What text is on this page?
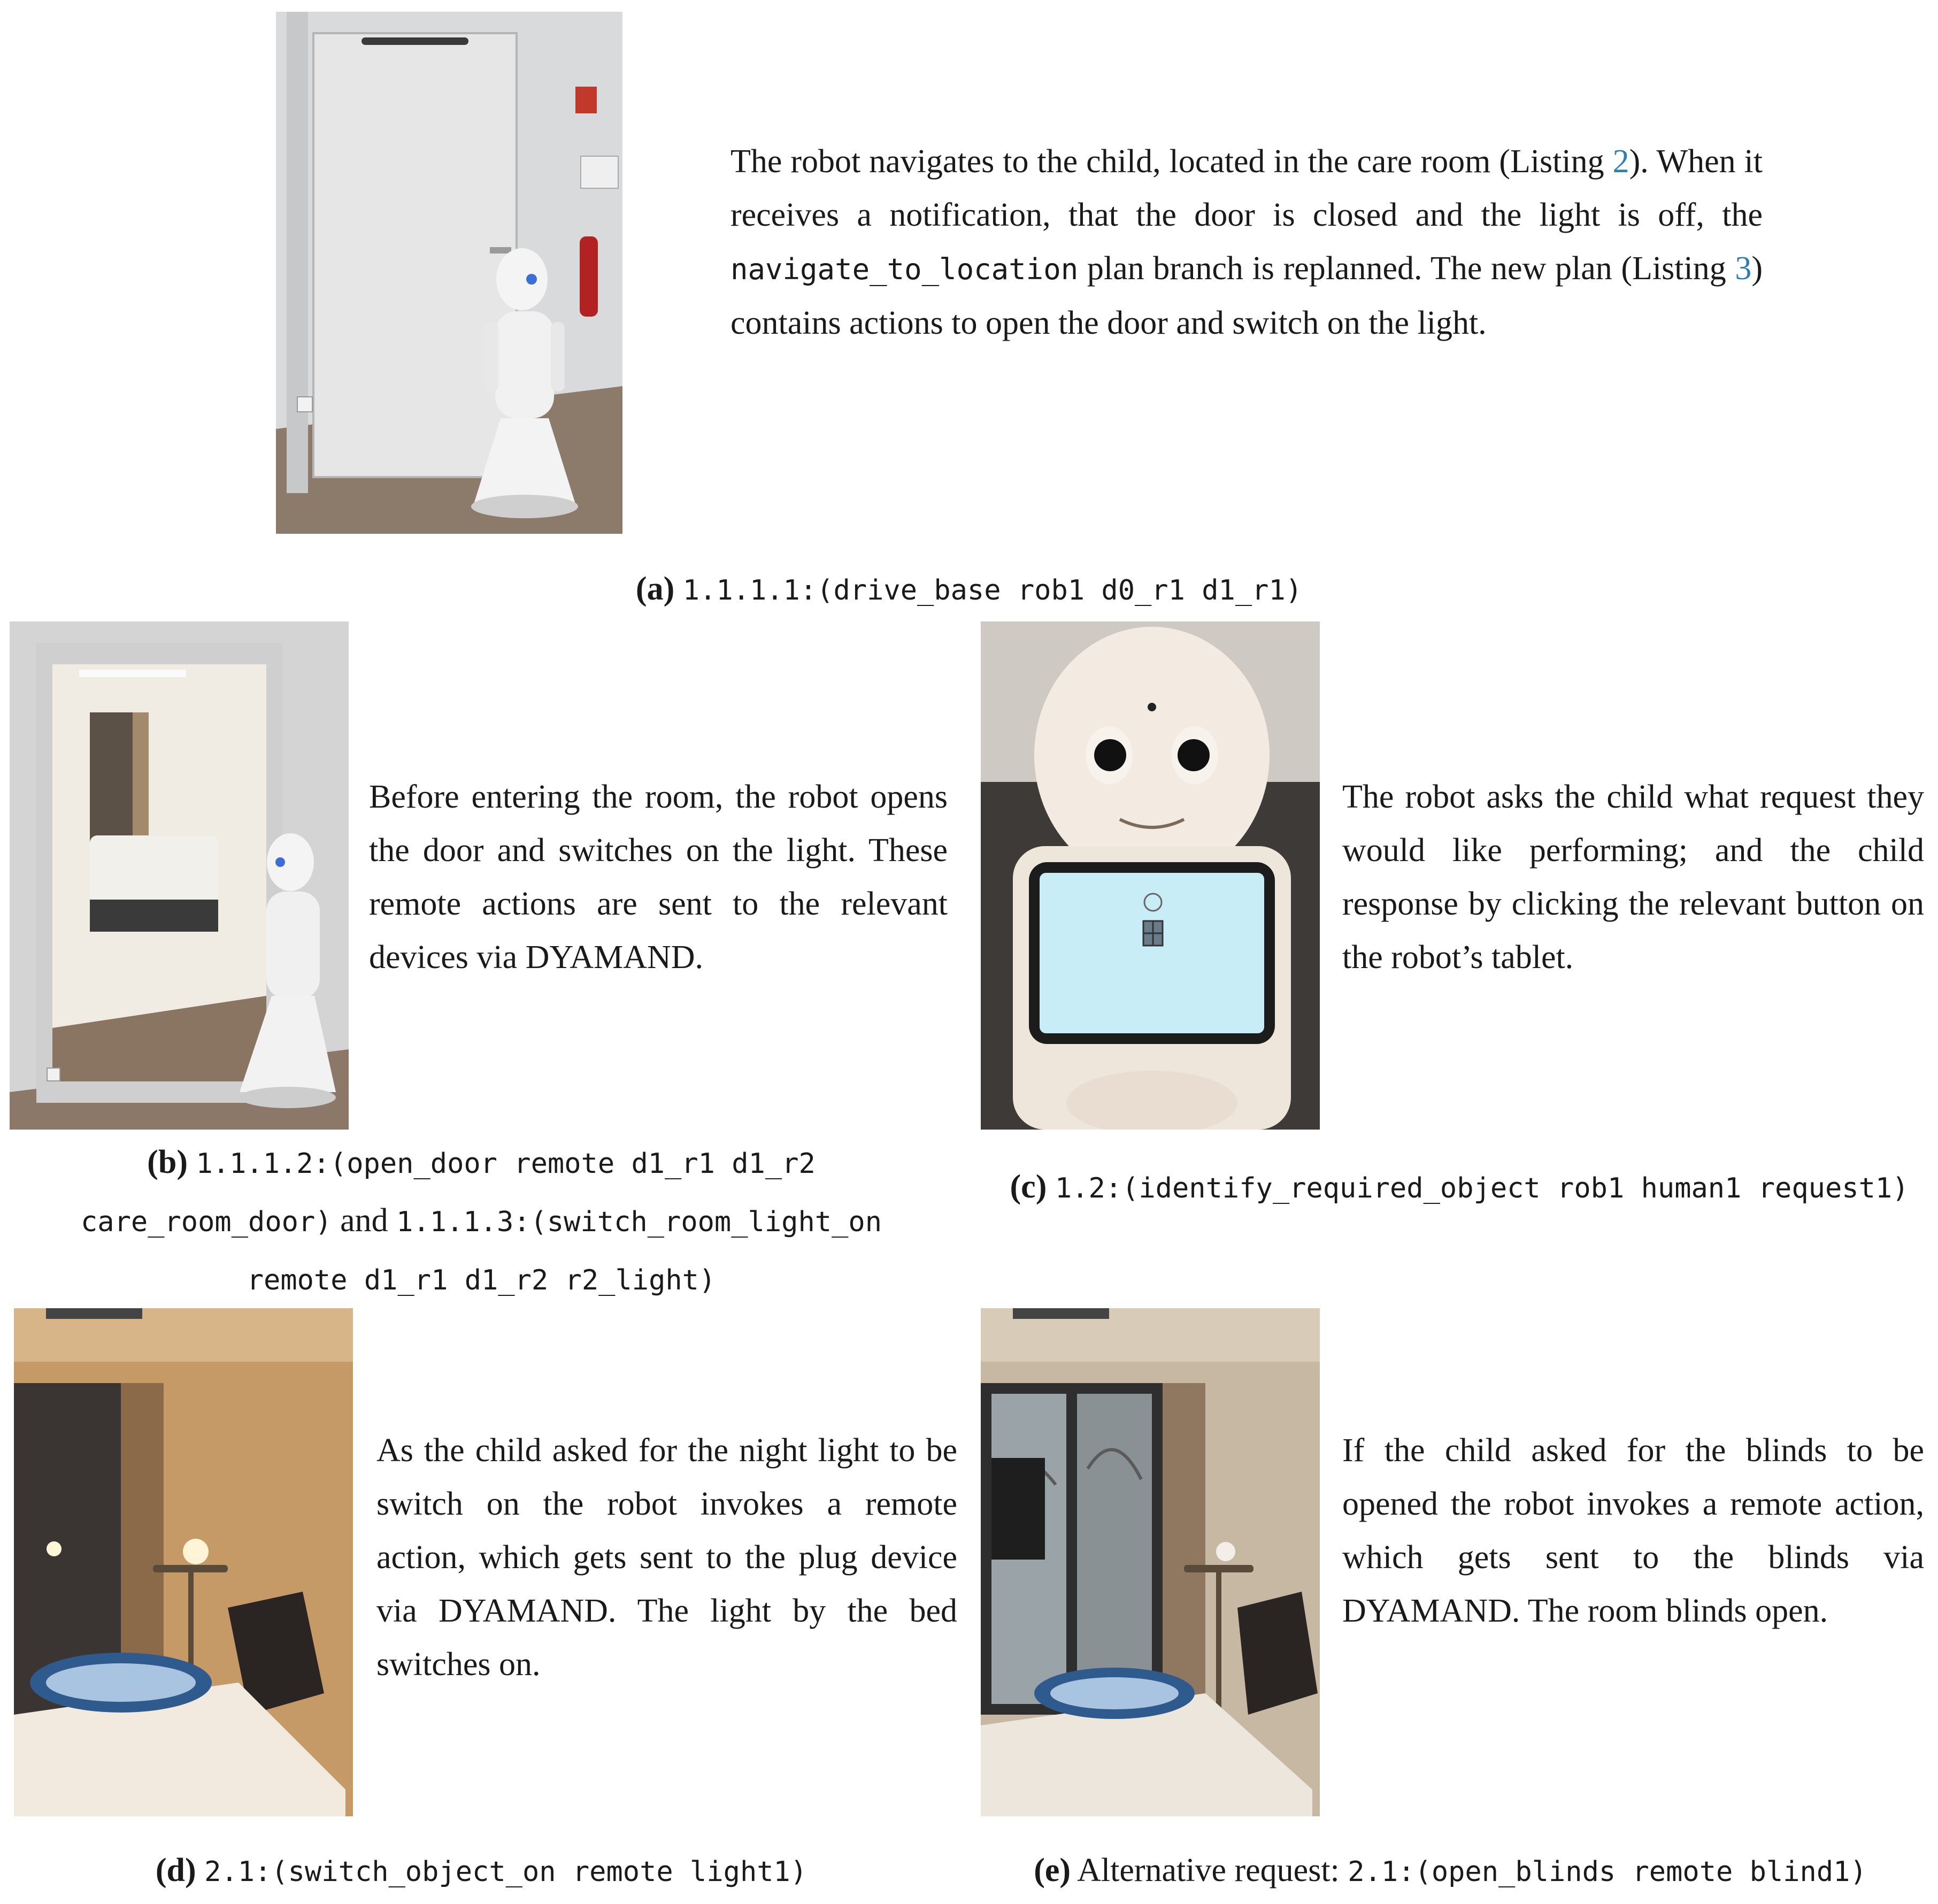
The robot navigates to the child, located in the care room (Listing 2). When it receives a notification, that the door is closed and the light is off, the navigate_to_location plan branch is replanned. The new plan (Listing 3) contains actions to open the door and switch on the light.

(a) 1.1.1.1:(drive_base rob1 d0_r1 d1_r1)

Before entering the room, the robot opens the door and switches on the light. These remote actions are sent to the relevant devices via DYAMAND.

(b) 1.1.1.2:(open_door remote d1_r1 d1_r2
care_room_door) and 1.1.1.3:(switch_room_light_on
remote d1_r1 d1_r2 r2_light)

The robot asks the child what request they would like performing; and the child response by clicking the relevant button on the robot’s tablet.

(c) 1.2:(identify_required_object rob1 human1 request1)

As the child asked for the night light to be switch on the robot invokes a remote action, which gets sent to the plug device via DYAMAND. The light by the bed switches on.

(d) 2.1:(switch_object_on remote light1)

If the child asked for the blinds to be opened the robot invokes a remote action, which gets sent to the blinds via DYAMAND. The room blinds open.

(e) Alternative request: 2.1:(open_blinds remote blind1)
